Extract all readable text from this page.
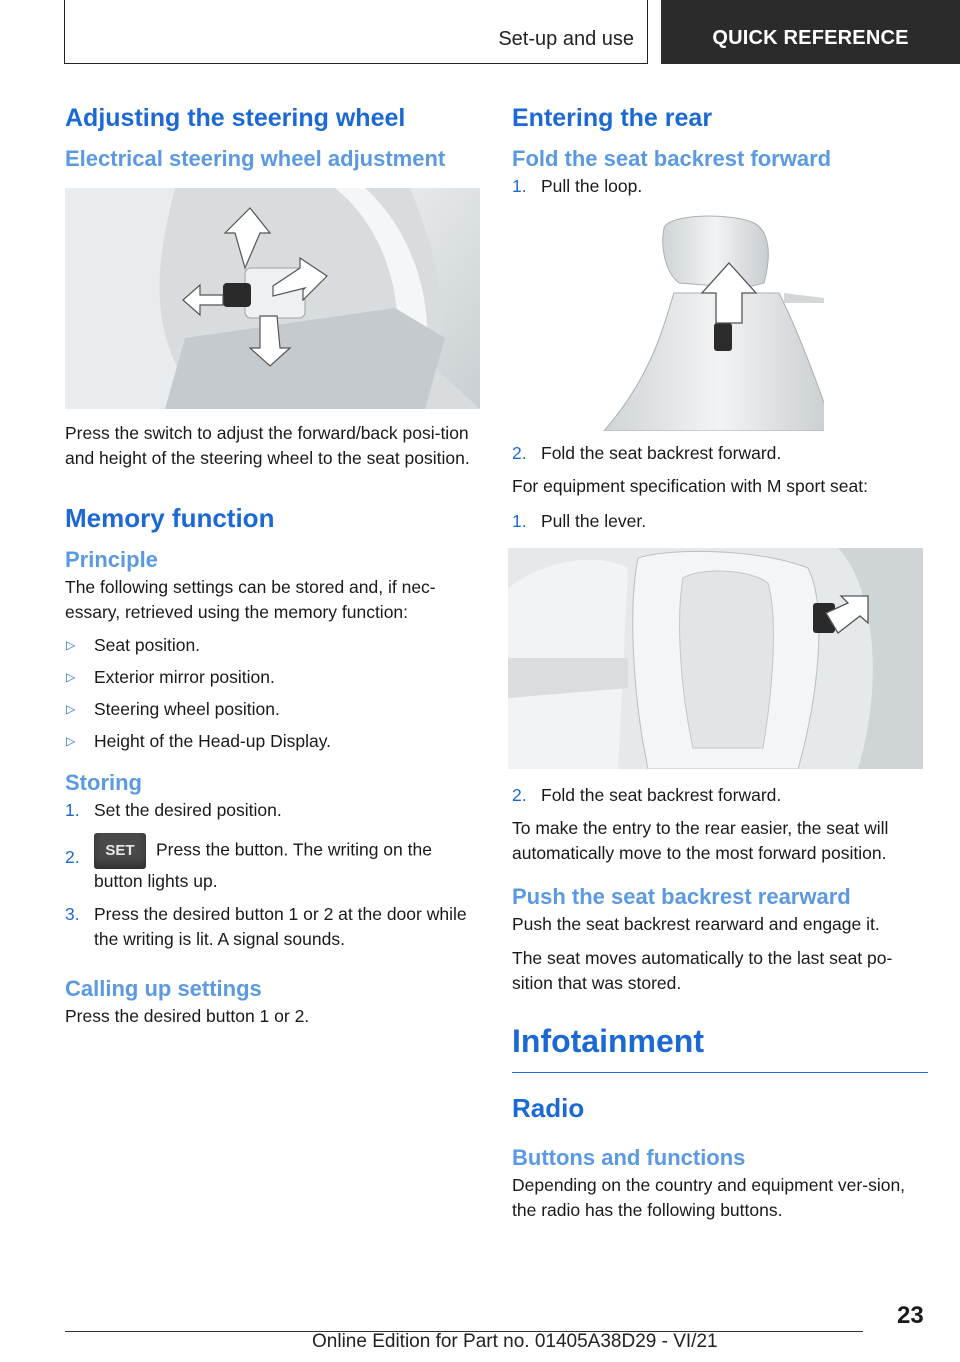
Set-up and use	QUICK REFERENCE
Adjusting the steering wheel
Electrical steering wheel adjustment

Press the switch to adjust the forward/back posi-tion and height of the steering wheel to the seat position.

Memory function
Principle

The following settings can be stored and, if nec-essary, retrieved using the memory function:

▷ Seat position.
▷ Exterior mirror position.
▷ Steering wheel position.
▷ Height of the Head-up Display.
Storing
1. Set the desired position.
2. SET Press the button. The writing on the button lights up.
3. Press the desired button 1 or 2 at the door while the writing is lit. A signal sounds.
Calling up settings

Press the desired button 1 or 2.

Entering the rear
Fold the seat backrest forward
1. Pull the loop.
2. Fold the seat backrest forward.

For equipment specification with M sport seat:

1. Pull the lever.
2. Fold the seat backrest forward.

To make the entry to the rear easier, the seat will automatically move to the most forward position.

Push the seat backrest rearward

Push the seat backrest rearward and engage it.

The seat moves automatically to the last seat po-sition that was stored.

Infotainment
Radio
Buttons and functions

Depending on the country and equipment ver-sion, the radio has the following buttons.

23
Online Edition for Part no. 01405A38D29 - VI/21
